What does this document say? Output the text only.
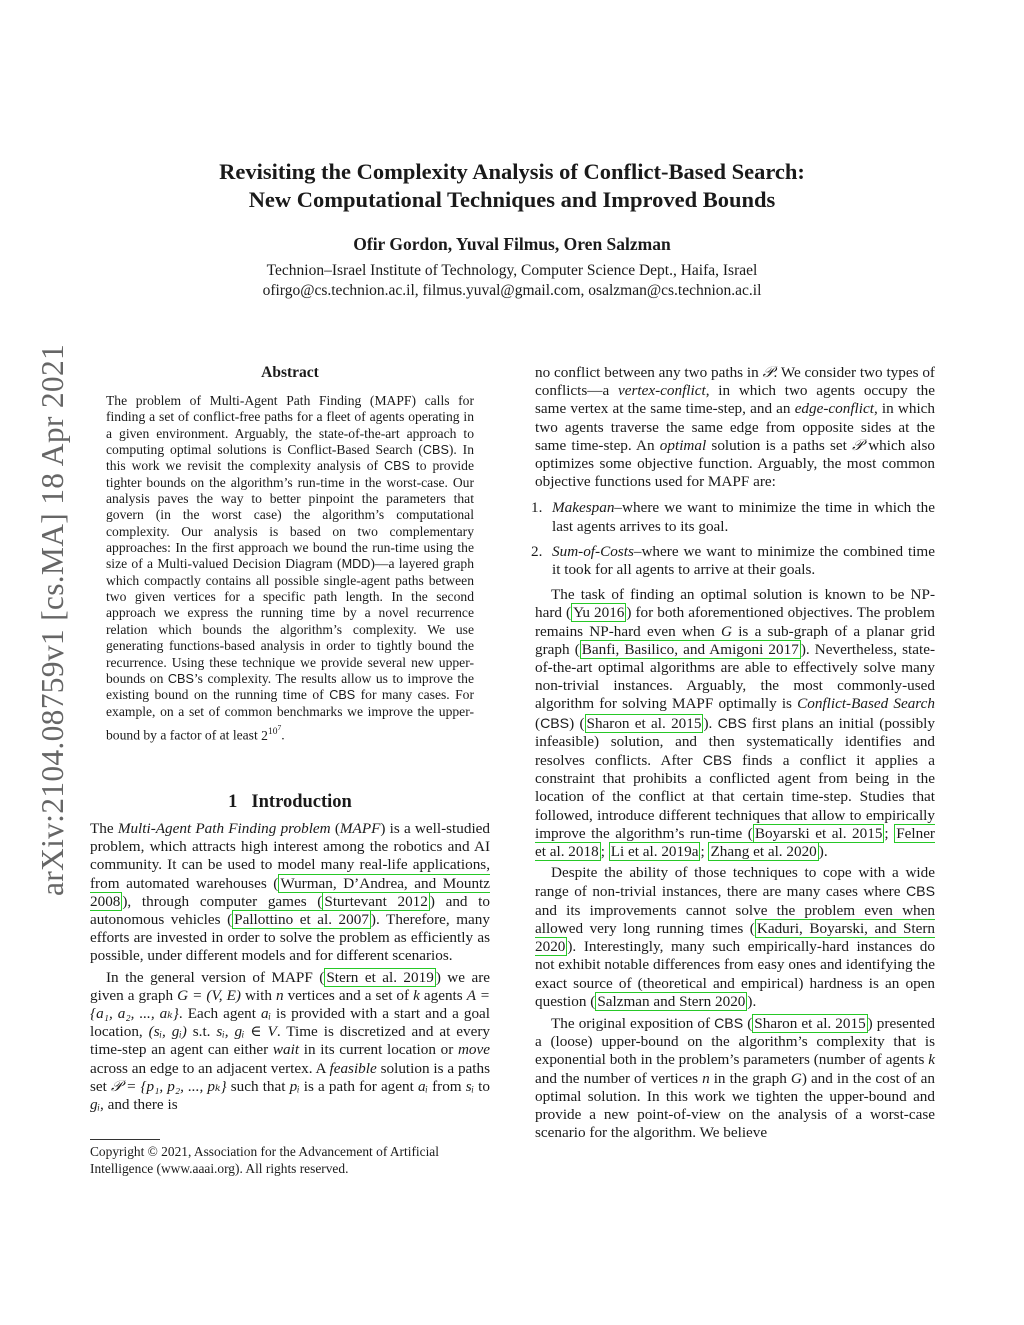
arXiv:2104.08759v1 [cs.MA] 18 Apr 2021
Revisiting the Complexity Analysis of Conflict-Based Search:
New Computational Techniques and Improved Bounds
Ofir Gordon, Yuval Filmus, Oren Salzman
Technion–Israel Institute of Technology, Computer Science Dept., Haifa, Israel
ofirgo@cs.technion.ac.il, filmus.yuval@gmail.com, osalzman@cs.technion.ac.il
Abstract
The problem of Multi-Agent Path Finding (MAPF) calls for finding a set of conflict-free paths for a fleet of agents operating in a given environment. Arguably, the state-of-the-art approach to computing optimal solutions is Conflict-Based Search (CBS). In this work we revisit the complexity analysis of CBS to provide tighter bounds on the algorithm’s run-time in the worst-case. Our analysis paves the way to better pinpoint the parameters that govern (in the worst case) the algorithm’s computational complexity. Our analysis is based on two complementary approaches: In the first approach we bound the run-time using the size of a Multi-valued Decision Diagram (MDD)—a layered graph which compactly contains all possible single-agent paths between two given vertices for a specific path length. In the second approach we express the running time by a novel recurrence relation which bounds the algorithm’s complexity. We use generating functions-based analysis in order to tightly bound the recurrence. Using these technique we provide several new upper-bounds on CBS’s complexity. The results allow us to improve the existing bound on the running time of CBS for many cases. For example, on a set of common benchmarks we improve the upper-bound by a factor of at least $2^{10^7}$.
1 Introduction

The Multi-Agent Path Finding problem (MAPF) is a well-studied problem, which attracts high interest among the robotics and AI community. It can be used to model many real-life applications, from automated warehouses ( Wurman, D’Andrea, and Mountz 2008 ), through computer games ( Sturtevant 2012 ) and to autonomous vehicles ( Pallottino et al. 2007 ). Therefore, many efforts are invested in order to solve the problem as efficiently as possible, under different models and for different scenarios.

In the general version of MAPF ( Stern et al. 2019 ) we are given a graph G = (V, E) with n vertices and a set of k agents A = {a₁, a₂, ..., aₖ}. Each agent aᵢ is provided with a start and a goal location, (sᵢ, gᵢ) s.t. sᵢ, gᵢ ∈ V. Time is discretized and at every time-step an agent can either wait in its current location or move across an edge to an adjacent vertex. A feasible solution is a paths set 𝒫 = {p₁, p₂, ..., pₖ} such that pᵢ is a path for agent aᵢ from sᵢ to gᵢ, and there is

Copyright © 2021, Association for the Advancement of Artificial
Intelligence (www.aaai.org). All rights reserved.

no conflict between any two paths in 𝒫. We consider two types of conflicts—a vertex-conflict, in which two agents occupy the same vertex at the same time-step, and an edge-conflict, in which two agents traverse the same edge from opposite sides at the same time-step. An optimal solution is a paths set 𝒫 which also optimizes some objective function. Arguably, the most common objective functions used for MAPF are:

1. Makespan–where we want to minimize the time in which the last agents arrives to its goal.
2. Sum-of-Costs–where we want to minimize the combined time it took for all agents to arrive at their goals.

The task of finding an optimal solution is known to be NP-hard ( Yu 2016 ) for both aforementioned objectives. The problem remains NP-hard even when G is a sub-graph of a planar grid graph ( Banfi, Basilico, and Amigoni 2017 ). Nevertheless, state-of-the-art optimal algorithms are able to effectively solve many non-trivial instances. Arguably, the most commonly-used algorithm for solving MAPF optimally is Conflict-Based Search (CBS) ( Sharon et al. 2015 ). CBS first plans an initial (possibly infeasible) solution, and then systematically identifies and resolves conflicts. After CBS finds a conflict it applies a constraint that prohibits a conflicted agent from being in the location of the conflict at that certain time-step. Studies that followed, introduce different techniques that allow to empirically improve the algorithm’s run-time ( Boyarski et al. 2015 ; Felner et al. 2018 ; Li et al. 2019a ; Zhang et al. 2020 ).

Despite the ability of those techniques to cope with a wide range of non-trivial instances, there are many cases where CBS and its improvements cannot solve the problem even when allowed very long running times ( Kaduri, Boyarski, and Stern 2020 ). Interestingly, many such empirically-hard instances do not exhibit notable differences from easy ones and identifying the exact source of (theoretical and empirical) hardness is an open question ( Salzman and Stern 2020 ).

The original exposition of CBS ( Sharon et al. 2015 ) presented a (loose) upper-bound on the algorithm’s complexity that is exponential both in the problem’s parameters (number of agents k and the number of vertices n in the graph G) and in the cost of an optimal solution. In this work we tighten the upper-bound and provide a new point-of-view on the analysis of a worst-case scenario for the algorithm. We believe
